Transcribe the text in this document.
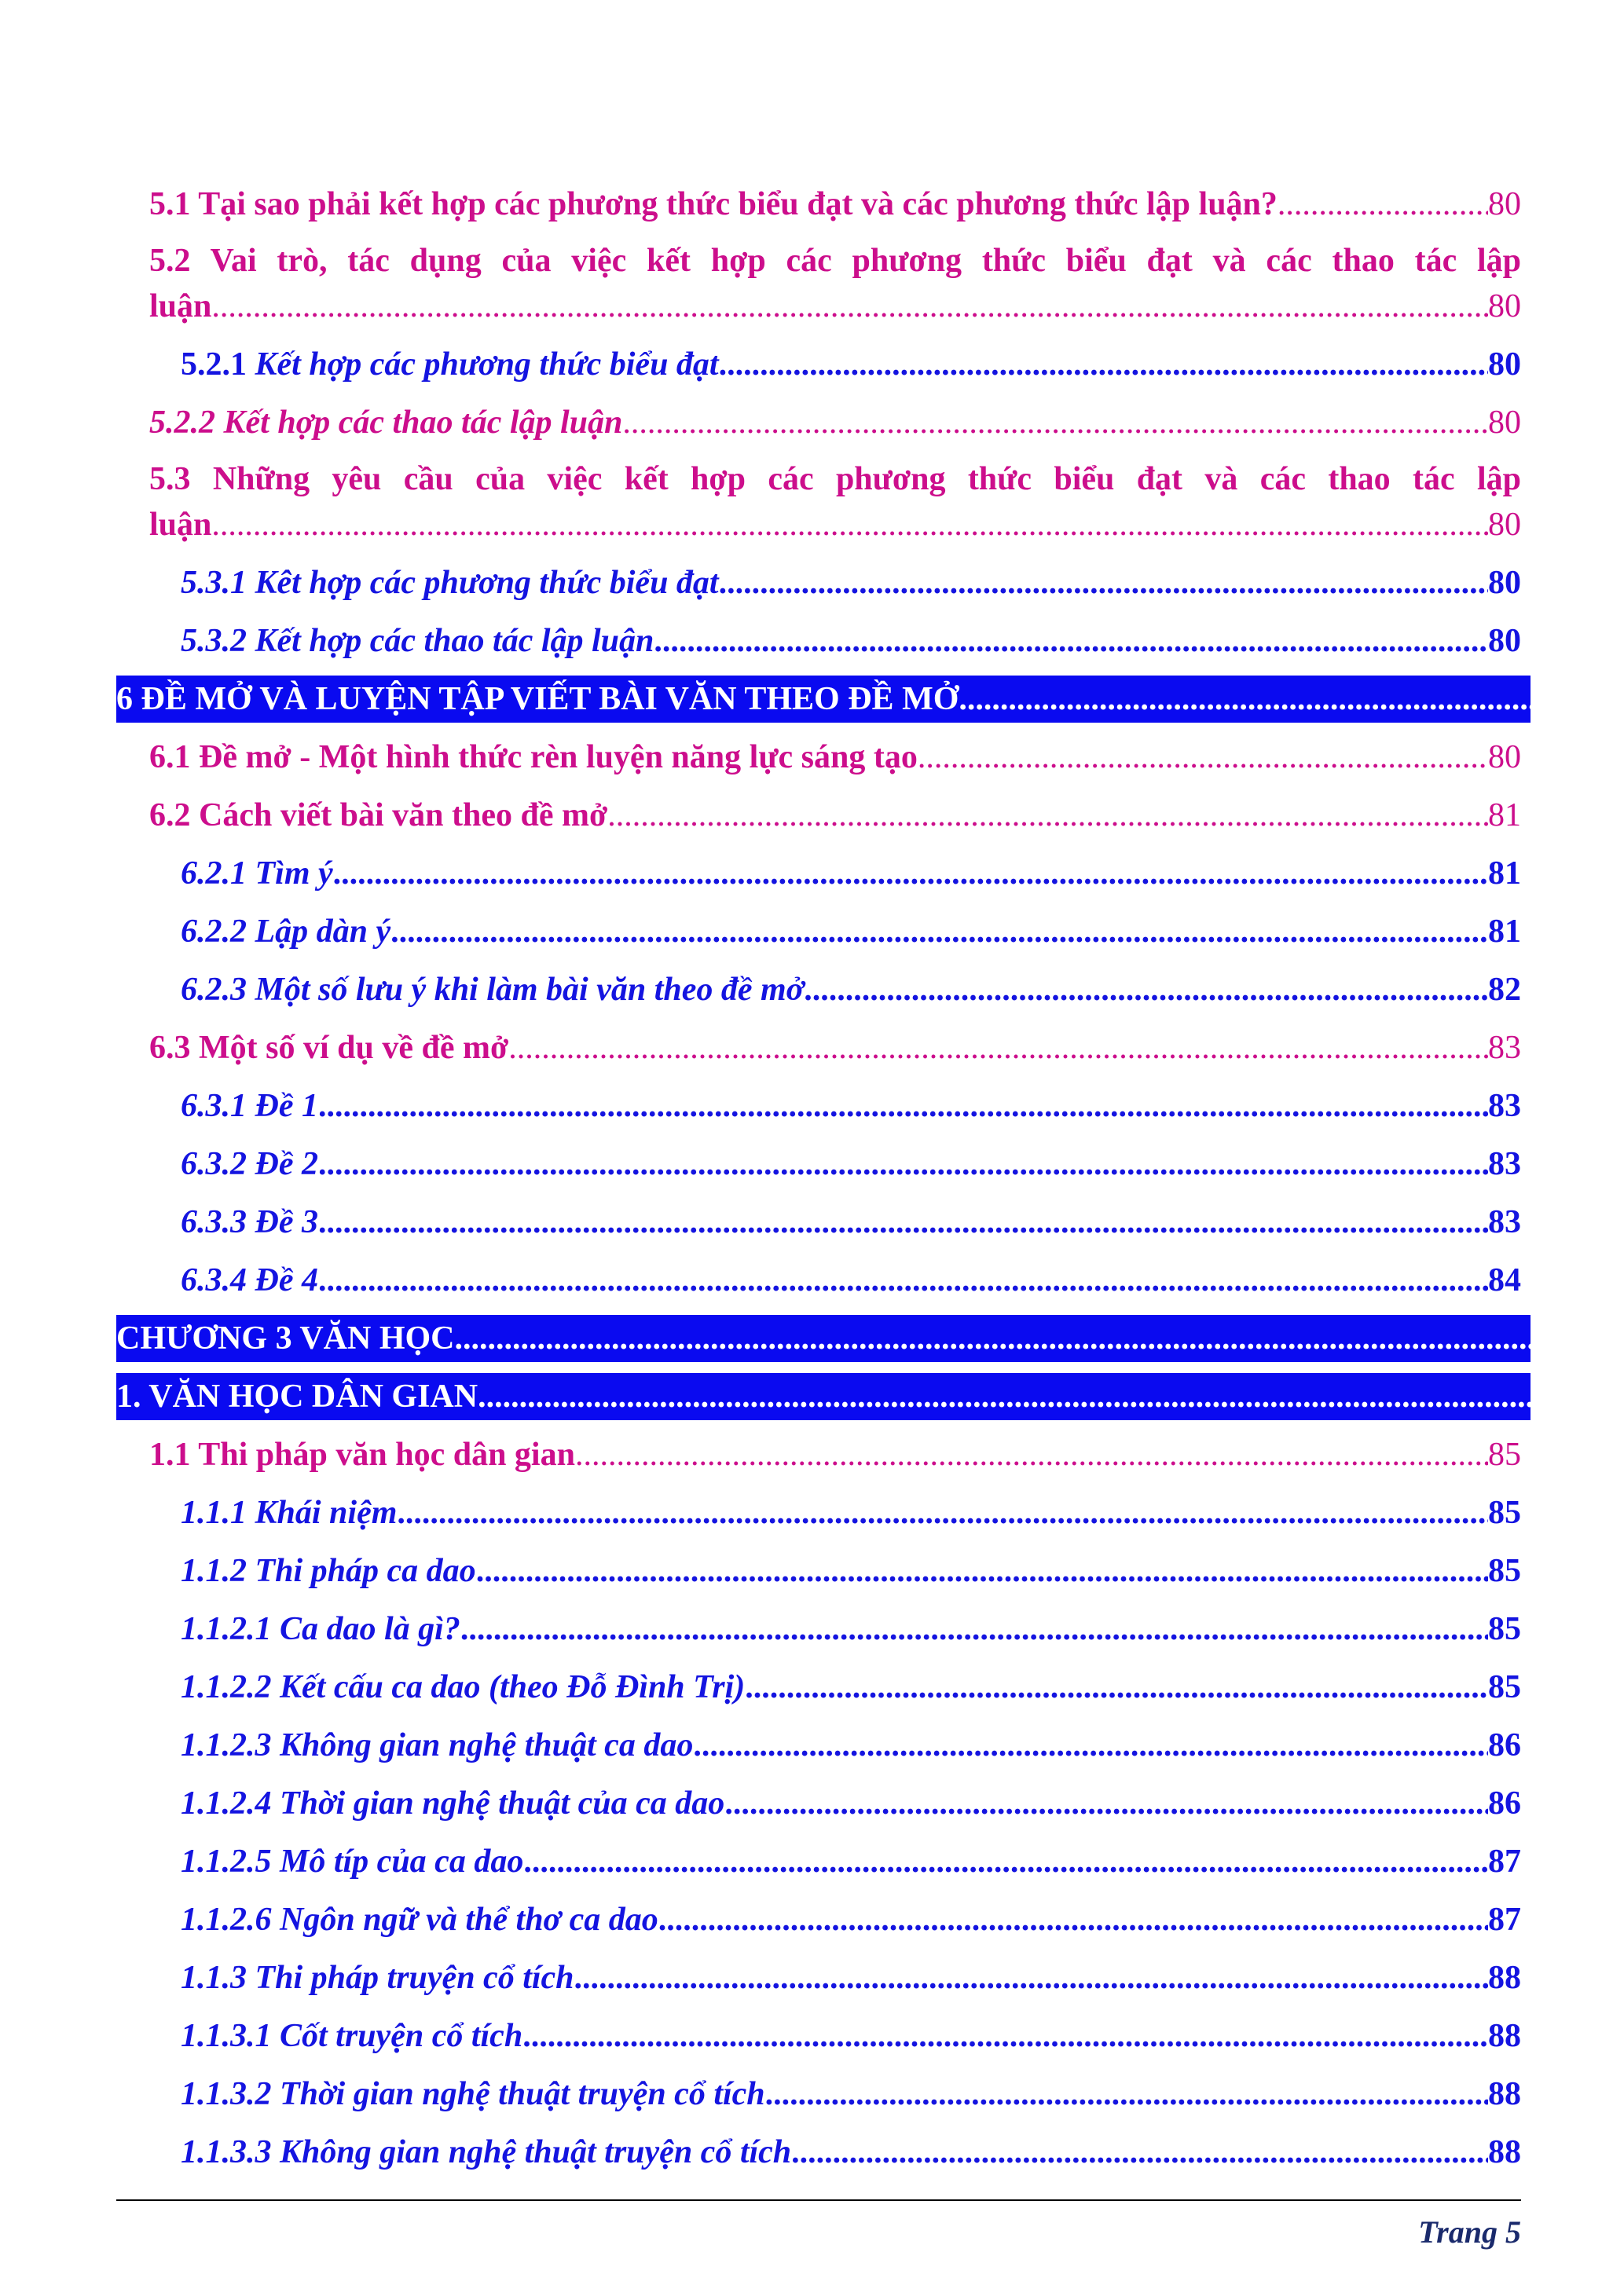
5.1 Tại sao phải kết hợp các phương thức biểu đạt và các phương thức lập luận? .....	80
5.2 Vai trò, tác dụng của việc kết hợp các phương thức biểu đạt và các thao tác lập
luận .....	80
5.2.1 Kết hợp các phương thức biểu đạt .....	80
5.2.2 Kết hợp các thao tác lập luận .....	80
5.3 Những yêu cầu của việc kết hợp các phương thức biểu đạt và các thao tác lập
luận .....	80
5.3.1 Kêt hợp các phương thức biểu đạt .....	80
5.3.2 Kết hợp các thao tác lập luận .....	80
6 ĐỀ MỞ VÀ LUYỆN TẬP VIẾT BÀI VĂN THEO ĐỀ MỞ
.....
6.1 Đề mở - Một hình thức rèn luyện năng lực sáng tạo .....	80
6.2 Cách viết bài văn theo đề mở .....	81
6.2.1 Tìm ý .....	81
6.2.2 Lập dàn ý .....	81
6.2.3 Một số lưu ý khi làm bài văn theo đề mở .....	82
6.3 Một số ví dụ về đề mở .....	83
6.3.1 Đề 1 .....	83
6.3.2 Đề 2 .....	83
6.3.3 Đề 3 .....	83
6.3.4 Đề 4 .....	84
CHƯƠNG 3 VĂN HỌC
.....
1. VĂN HỌC DÂN GIAN
.....
1.1 Thi pháp văn học dân gian .....	85
1.1.1 Khái niệm .....	85
1.1.2 Thi pháp ca dao .....	85
1.1.2.1 Ca dao là gì? .....	85
1.1.2.2 Kết cấu ca dao (theo Đỗ Đình Trị) .....	85
1.1.2.3 Không gian nghệ thuật ca dao .....	86
1.1.2.4 Thời gian nghệ thuật của ca dao .....	86
1.1.2.5 Mô típ của ca dao .....	87
1.1.2.6 Ngôn ngữ và thể thơ ca dao .....	87
1.1.3 Thi pháp truyện cổ tích .....	88
1.1.3.1 Cốt truyện cổ tích .....	88
1.1.3.2 Thời gian nghệ thuật truyện cổ tích .....	88
1.1.3.3 Không gian nghệ thuật truyện cổ tích .....	88
Trang 5
